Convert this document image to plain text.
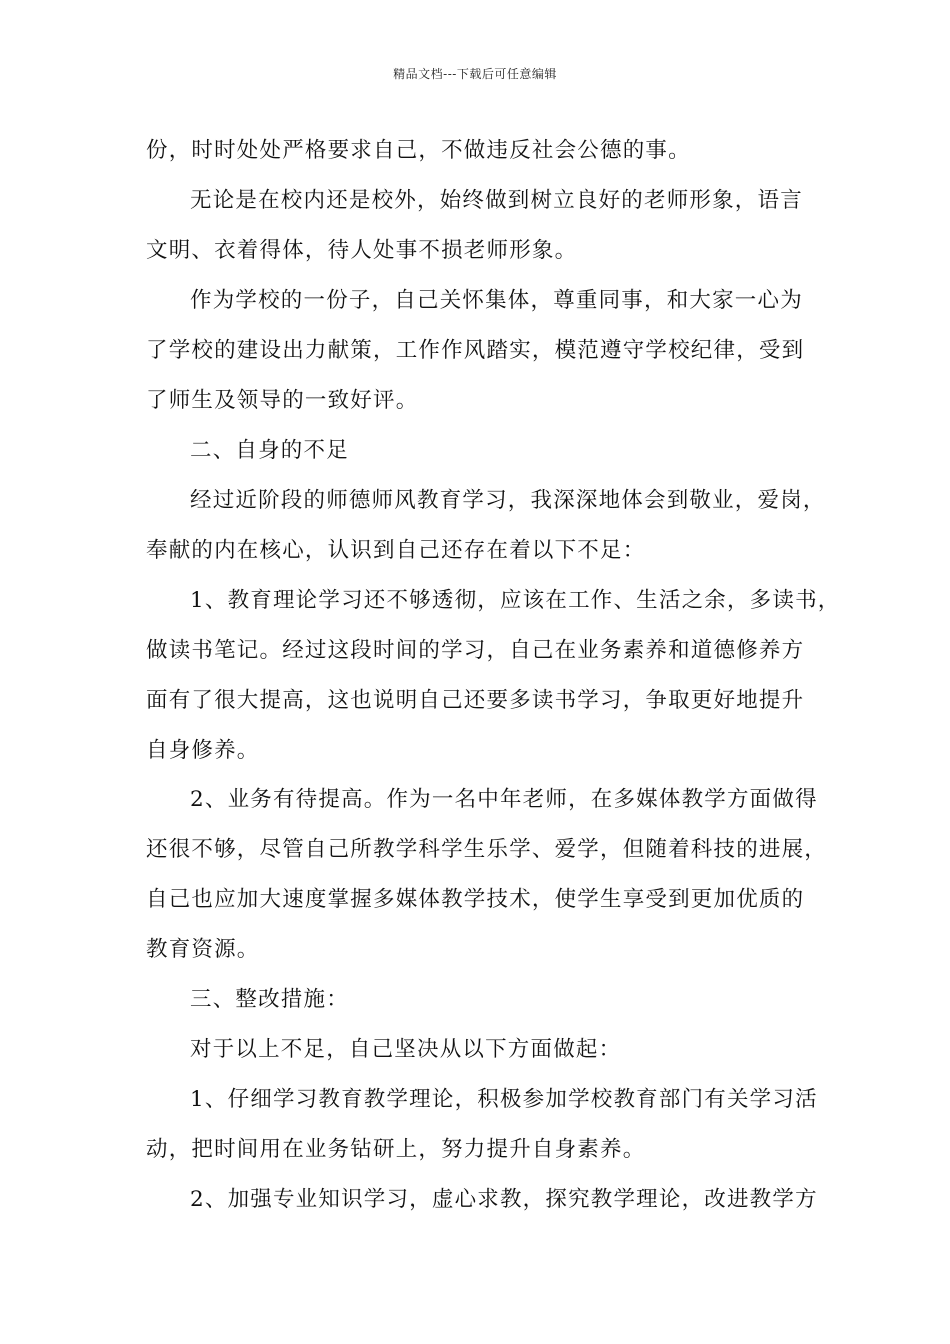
精品文档---下载后可任意编辑
份，时时处处严格要求自己，不做违反社会公德的事。
无论是在校内还是校外，始终做到树立良好的老师形象，语言
文明、衣着得体，待人处事不损老师形象。
作为学校的一份子，自己关怀集体，尊重同事，和大家一心为
了学校的建设出力献策，工作作风踏实，模范遵守学校纪律，受到
了师生及领导的一致好评。
二、自身的不足
经过近阶段的师德师风教育学习，我深深地体会到敬业，爱岗，
奉献的内在核心，认识到自己还存在着以下不足：
1、教育理论学习还不够透彻，应该在工作、生活之余，多读书，
做读书笔记。经过这段时间的学习，自己在业务素养和道德修养方
面有了很大提高，这也说明自己还要多读书学习，争取更好地提升
自身修养。
2、业务有待提高。作为一名中年老师，在多媒体教学方面做得
还很不够，尽管自己所教学科学生乐学、爱学，但随着科技的进展，
自己也应加大速度掌握多媒体教学技术，使学生享受到更加优质的
教育资源。
三、整改措施：
对于以上不足，自己坚决从以下方面做起：
1、仔细学习教育教学理论，积极参加学校教育部门有关学习活
动，把时间用在业务钻研上，努力提升自身素养。
2、加强专业知识学习，虚心求教，探究教学理论，改进教学方
